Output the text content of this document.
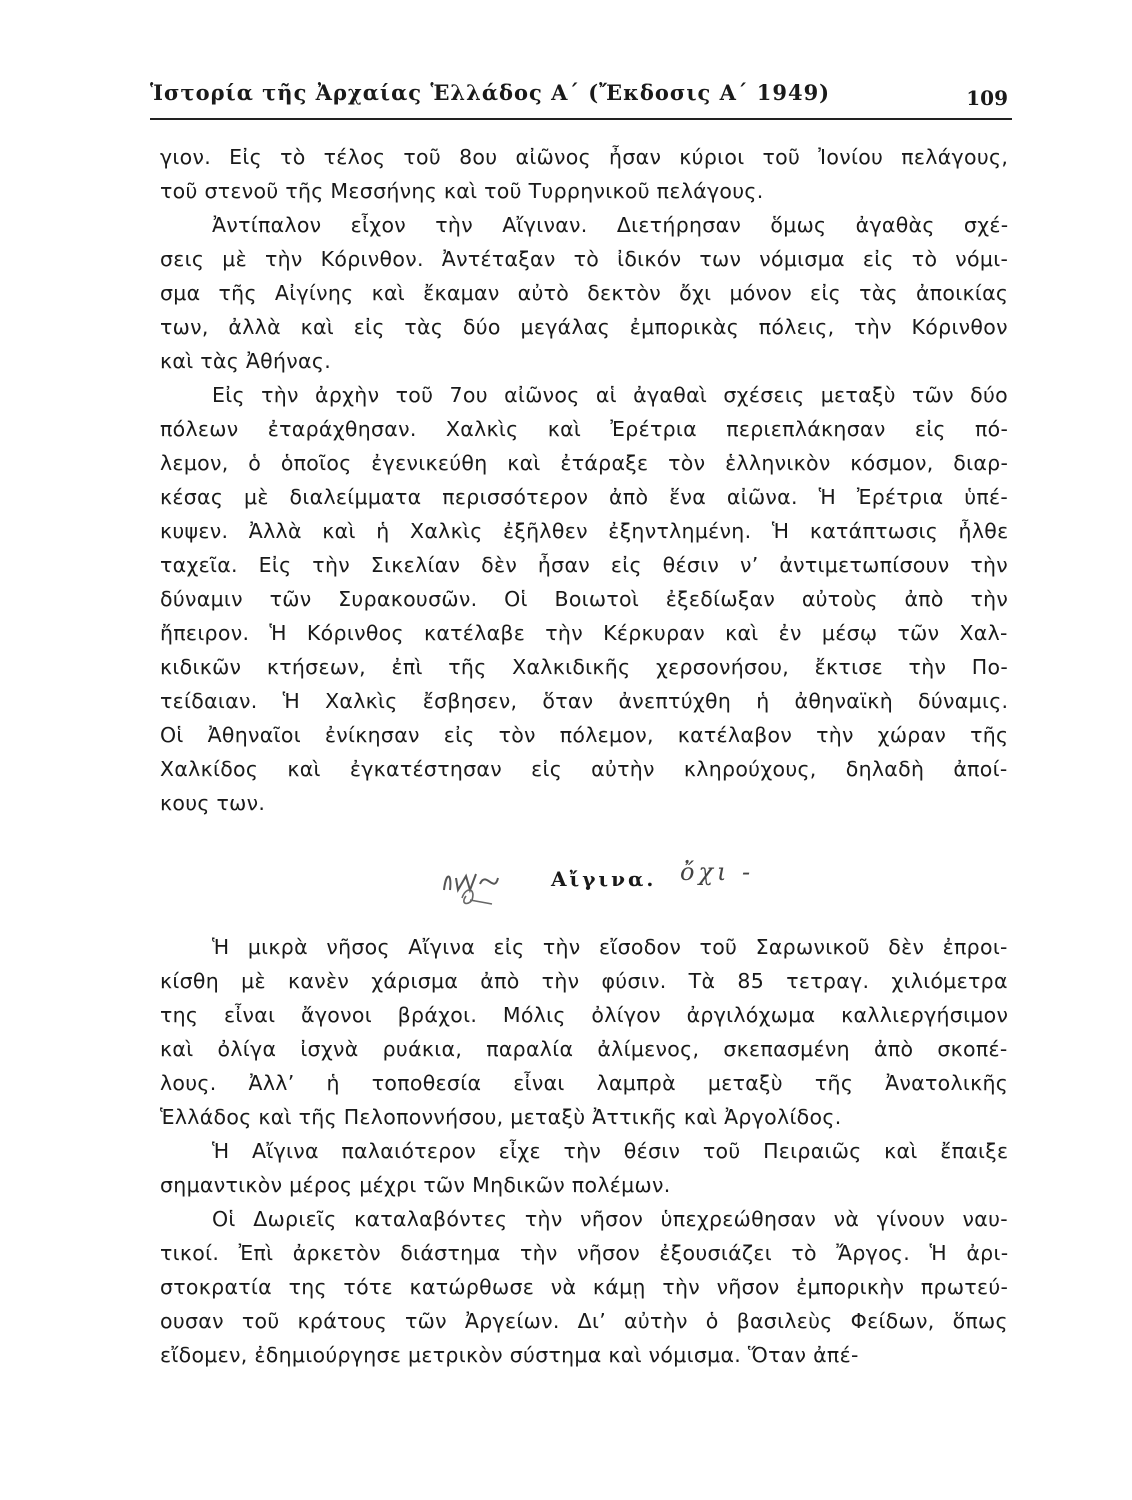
Ἱστορία τῆς Ἀρχαίας Ἑλλάδος Α΄ (Ἔκδοσις Α΄ 1949)	109
γιον. Εἰς τὸ τέλος τοῦ 8ου αἰῶνος ἦσαν κύριοι τοῦ Ἰονίου πελάγους,
τοῦ στενοῦ τῆς Μεσσήνης καὶ τοῦ Τυρρηνικοῦ πελάγους.
Ἀντίπαλον εἶχον τὴν Αἴγιναν. Διετήρησαν ὅμως ἀγαθὰς σχέ-
σεις μὲ τὴν Κόρινθον. Ἀντέταξαν τὸ ἰδικόν των νόμισμα εἰς τὸ νόμι-
σμα τῆς Αἰγίνης καὶ ἔκαμαν αὐτὸ δεκτὸν ὄχι μόνον εἰς τὰς ἀποικίας
των, ἀλλὰ καὶ εἰς τὰς δύο μεγάλας ἐμπορικὰς πόλεις, τὴν Κόρινθον
καὶ τὰς Ἀθήνας.
Εἰς τὴν ἀρχὴν τοῦ 7ου αἰῶνος αἱ ἀγαθαὶ σχέσεις μεταξὺ τῶν δύο
πόλεων ἐταράχθησαν. Χαλκὶς καὶ Ἐρέτρια περιεπλάκησαν εἰς πό-
λεμον, ὁ ὁποῖος ἐγενικεύθη καὶ ἐτάραξε τὸν ἑλληνικὸν κόσμον, διαρ-
κέσας μὲ διαλείμματα περισσότερον ἀπὸ ἕνα αἰῶνα. Ἡ Ἐρέτρια ὑπέ-
κυψεν. Ἀλλὰ καὶ ἡ Χαλκὶς ἐξῆλθεν ἐξηντλημένη. Ἡ κατάπτωσις ἦλθε
ταχεῖα. Εἰς τὴν Σικελίαν δὲν ἦσαν εἰς θέσιν ν’ ἀντιμετωπίσουν τὴν
δύναμιν τῶν Συρακουσῶν. Οἱ Βοιωτοὶ ἐξεδίωξαν αὐτοὺς ἀπὸ τὴν
ἤπειρον. Ἡ Κόρινθος κατέλαβε τὴν Κέρκυραν καὶ ἐν μέσῳ τῶν Χαλ-
κιδικῶν κτήσεων, ἐπὶ τῆς Χαλκιδικῆς χερσονήσου, ἔκτισε τὴν Πο-
τείδαιαν. Ἡ Χαλκὶς ἔσβησεν, ὅταν ἀνεπτύχθη ἡ ἀθηναϊκὴ δύναμις.
Οἱ Ἀθηναῖοι ἐνίκησαν εἰς τὸν πόλεμον, κατέλαβον τὴν χώραν τῆς
Χαλκίδος καὶ ἐγκατέστησαν εἰς αὐτὴν κληρούχους, δηλαδὴ ἀποί-
κους των.
Αἴγινα. ὄχι -
Ἡ μικρὰ νῆσος Αἴγινα εἰς τὴν εἴσοδον τοῦ Σαρωνικοῦ δὲν ἐπροι-
κίσθη μὲ κανὲν χάρισμα ἀπὸ τὴν φύσιν. Τὰ 85 τετραγ. χιλιόμετρα
της εἶναι ἄγονοι βράχοι. Μόλις ὀλίγον ἀργιλόχωμα καλλιεργήσιμον
καὶ ὀλίγα ἰσχνὰ ρυάκια, παραλία ἀλίμενος, σκεπασμένη ἀπὸ σκοπέ-
λους. Ἀλλ’ ἡ τοποθεσία εἶναι λαμπρὰ μεταξὺ τῆς Ἀνατολικῆς
Ἑλλάδος καὶ τῆς Πελοποννήσου, μεταξὺ Ἀττικῆς καὶ Ἀργολίδος.
Ἡ Αἴγινα παλαιότερον εἶχε τὴν θέσιν τοῦ Πειραιῶς καὶ ἔπαιξε
σημαντικὸν μέρος μέχρι τῶν Μηδικῶν πολέμων.
Οἱ Δωριεῖς καταλαβόντες τὴν νῆσον ὑπεχρεώθησαν νὰ γίνουν ναυ-
τικοί. Ἐπὶ ἀρκετὸν διάστημα τὴν νῆσον ἐξουσιάζει τὸ Ἄργος. Ἡ ἀρι-
στοκρατία της τότε κατώρθωσε νὰ κάμῃ τὴν νῆσον ἐμπορικὴν πρωτεύ-
ουσαν τοῦ κράτους τῶν Ἀργείων. Δι’ αὐτὴν ὁ βασιλεὺς Φείδων, ὅπως
εἴδομεν, ἐδημιούργησε μετρικὸν σύστημα καὶ νόμισμα. Ὅταν ἀπέ-
